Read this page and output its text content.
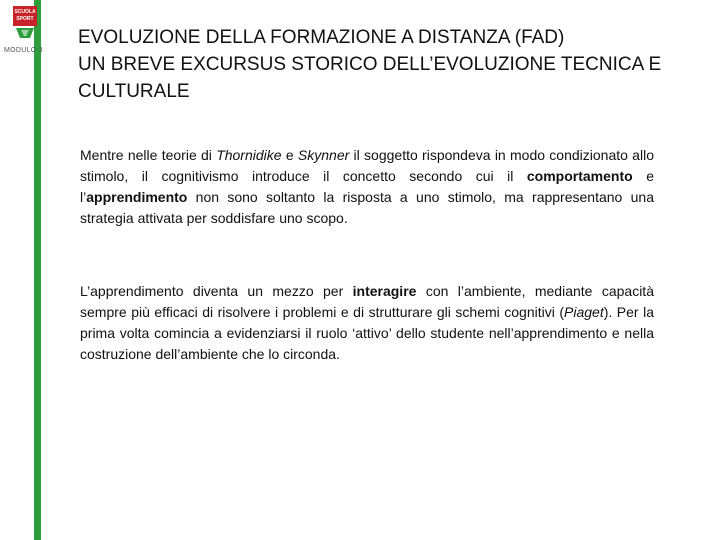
SCUOLA
SPORT
MODULO 3
EVOLUZIONE DELLA FORMAZIONE A DISTANZA (FAD)
UN BREVE EXCURSUS STORICO DELL’EVOLUZIONE TECNICA E
CULTURALE
Mentre nelle teorie di Thornidike e Skynner il soggetto rispondeva in modo condizionato allo stimolo, il cognitivismo introduce il concetto secondo cui il comportamento e l’apprendimento non sono soltanto la risposta a uno stimolo, ma rappresentano una strategia attivata per soddisfare uno scopo.
L’apprendimento diventa un mezzo per interagire con l’ambiente, mediante capacità sempre più efficaci di risolvere i problemi e di strutturare gli schemi cognitivi (Piaget). Per la prima volta comincia a evidenziarsi il ruolo ‘attivo’ dello studente nell’apprendimento e nella costruzione dell’ambiente che lo circonda.
